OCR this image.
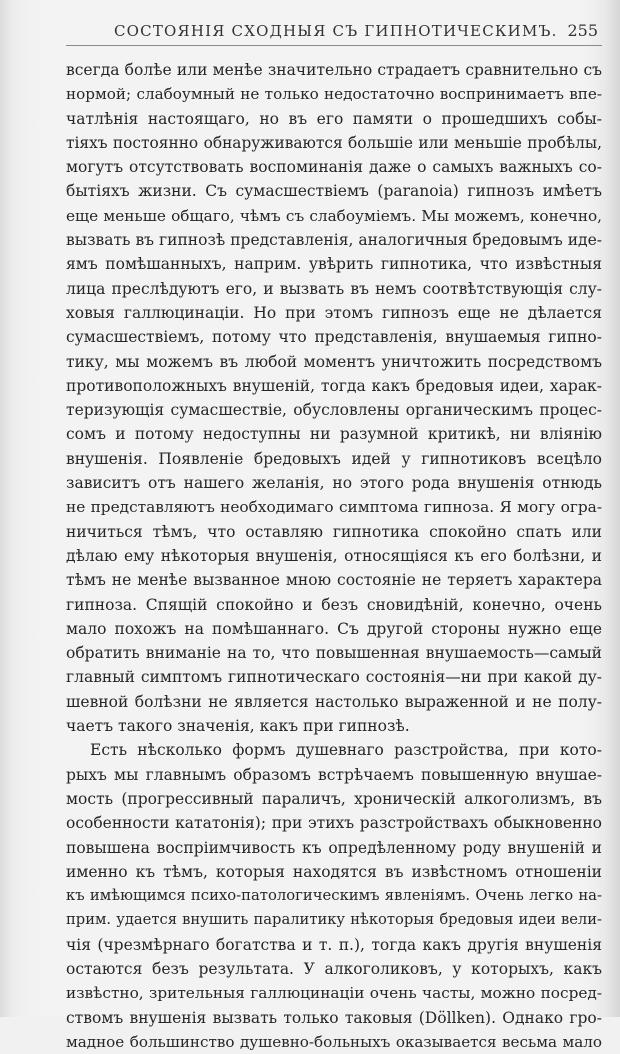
СОСТОЯНІЯ СХОДНЫЯ СЪ ГИПНОТИЧЕСКИМЪ. 255
всегда болѣе или менѣе значительно страдаетъ сравнительно съ
нормой; слабоумный не только недостаточно воспринимаетъ впе-
чатлѣнія настоящаго, но въ его памяти о прошедшихъ собы-
тіяхъ постоянно обнаруживаются большіе или меньшіе пробѣлы,
могутъ отсутствовать воспоминанія даже о самыхъ важныхъ со-
бытіяхъ жизни. Съ сумасшествіемъ (paranoia) гипнозъ имѣетъ
еще меньше общаго, чѣмъ съ слабоуміемъ. Мы можемъ, конечно,
вызвать въ гипнозѣ представленія, аналогичныя бредовымъ иде-
ямъ помѣшанныхъ, наприм. увѣрить гипнотика, что извѣстныя
лица преслѣдуютъ его, и вызвать въ немъ соотвѣтствующія слу-
ховыя галлюцинаціи. Но при этомъ гипнозъ еще не дѣлается
сумасшествіемъ, потому что представленія, внушаемыя гипно-
тику, мы можемъ въ любой моментъ уничтожить посредствомъ
противоположныхъ внушеній, тогда какъ бредовыя идеи, харак-
теризующія сумасшествіе, обусловлены органическимъ процес-
сомъ и потому недоступны ни разумной критикѣ, ни вліянію
внушенія. Появленіе бредовыхъ идей у гипнотиковъ всецѣло
зависитъ отъ нашего желанія, но этого рода внушенія отнюдь
не представляютъ необходимаго симптома гипноза. Я могу огра-
ничиться тѣмъ, что оставляю гипнотика спокойно спать или
дѣлаю ему нѣкоторыя внушенія, относящіяся къ его болѣзни, и
тѣмъ не менѣе вызванное мною состояніе не теряетъ характера
гипноза. Спящій спокойно и безъ сновидѣній, конечно, очень
мало похожъ на помѣшаннаго. Съ другой стороны нужно еще
обратить вниманіе на то, что повышенная внушаемость—самый
главный симптомъ гипнотическаго состоянія—ни при какой ду-
шевной болѣзни не является настолько выраженной и не полу-
чаетъ такого значенія, какъ при гипнозѣ.
Есть нѣсколько формъ душевнаго разстройства, при кото-
рыхъ мы главнымъ образомъ встрѣчаемъ повышенную внушае-
мость (прогрессивный параличъ, хроническій алкоголизмъ, въ
особенности кататонія); при этихъ разстройствахъ обыкновенно
повышена воспріимчивость къ опредѣленному роду внушеній и
именно къ тѣмъ, которыя находятся въ извѣстномъ отношеніи
къ имѣющимся психо-патологическимъ явленіямъ. Очень легко на-
прим. удается внушить паралитику нѣкоторыя бредовыя идеи вели-
чія (чрезмѣрнаго богатства и т. п.), тогда какъ другія внушенія
остаются безъ результата. У алкоголиковъ, у которыхъ, какъ
извѣстно, зрительныя галлюцинаціи очень часты, можно посред-
ствомъ внушенія вызвать только таковыя (Dӧllken). Однако гро-
мадное большинство душевно-больныхъ оказывается весьма мало
